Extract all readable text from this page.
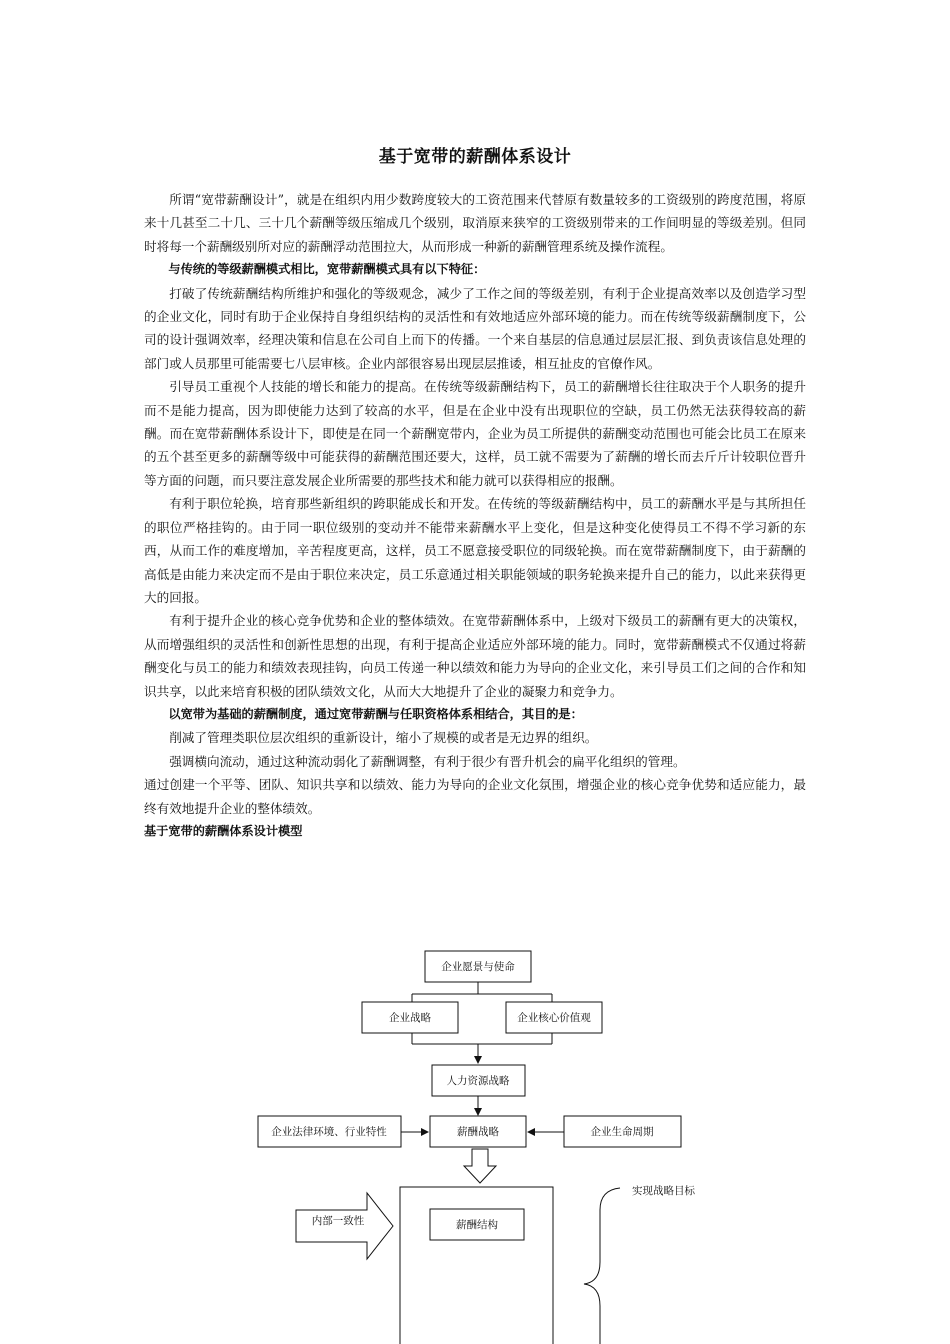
基于宽带的薪酬体系设计

所谓“宽带薪酬设计”，就是在组织内用少数跨度较大的工资范围来代替原有数量较多的工资级别的跨度范围，将原来十几甚至二十几、三十几个薪酬等级压缩成几个级别，取消原来狭窄的工资级别带来的工作间明显的等级差别。但同时将每一个薪酬级别所对应的薪酬浮动范围拉大，从而形成一种新的薪酬管理系统及操作流程。

与传统的等级薪酬模式相比，宽带薪酬模式具有以下特征：

打破了传统薪酬结构所维护和强化的等级观念，减少了工作之间的等级差别，有利于企业提高效率以及创造学习型的企业文化，同时有助于企业保持自身组织结构的灵活性和有效地适应外部环境的能力。而在传统等级薪酬制度下，公司的设计强调效率，经理决策和信息在公司自上而下的传播。一个来自基层的信息通过层层汇报、到负责该信息处理的部门或人员那里可能需要七八层审核。企业内部很容易出现层层推诿，相互扯皮的官僚作风。

引导员工重视个人技能的增长和能力的提高。在传统等级薪酬结构下，员工的薪酬增长往往取决于个人职务的提升而不是能力提高，因为即使能力达到了较高的水平，但是在企业中没有出现职位的空缺，员工仍然无法获得较高的薪酬。而在宽带薪酬体系设计下，即使是在同一个薪酬宽带内，企业为员工所提供的薪酬变动范围也可能会比员工在原来的五个甚至更多的薪酬等级中可能获得的薪酬范围还要大，这样，员工就不需要为了薪酬的增长而去斤斤计较职位晋升等方面的问题，而只要注意发展企业所需要的那些技术和能力就可以获得相应的报酬。

有利于职位轮换，培育那些新组织的跨职能成长和开发。在传统的等级薪酬结构中，员工的薪酬水平是与其所担任的职位严格挂钩的。由于同一职位级别的变动并不能带来薪酬水平上变化，但是这种变化使得员工不得不学习新的东西，从而工作的难度增加，辛苦程度更高，这样，员工不愿意接受职位的同级轮换。而在宽带薪酬制度下，由于薪酬的高低是由能力来决定而不是由于职位来决定，员工乐意通过相关职能领域的职务轮换来提升自己的能力，以此来获得更大的回报。

有利于提升企业的核心竞争优势和企业的整体绩效。在宽带薪酬体系中，上级对下级员工的薪酬有更大的决策权，从而增强组织的灵活性和创新性思想的出现，有利于提高企业适应外部环境的能力。同时，宽带薪酬模式不仅通过将薪酬变化与员工的能力和绩效表现挂钩，向员工传递一种以绩效和能力为导向的企业文化，来引导员工们之间的合作和知识共享，以此来培育积极的团队绩效文化，从而大大地提升了企业的凝聚力和竞争力。

以宽带为基础的薪酬制度，通过宽带薪酬与任职资格体系相结合，其目的是：

削减了管理类职位层次组织的重新设计，缩小了规模的或者是无边界的组织。

强调横向流动，通过这种流动弱化了薪酬调整，有利于很少有晋升机会的扁平化组织的管理。

通过创建一个平等、团队、知识共享和以绩效、能力为导向的企业文化氛围，增强企业的核心竞争优势和适应能力，最终有效地提升企业的整体绩效。

基于宽带的薪酬体系设计模型

企业愿景与使命
企业战略	企业核心价值观
人力资源战略
企业法律环境、行业特性	薪酬战略	企业生命周期
薪酬结构
内部一致性
实现战略目标
